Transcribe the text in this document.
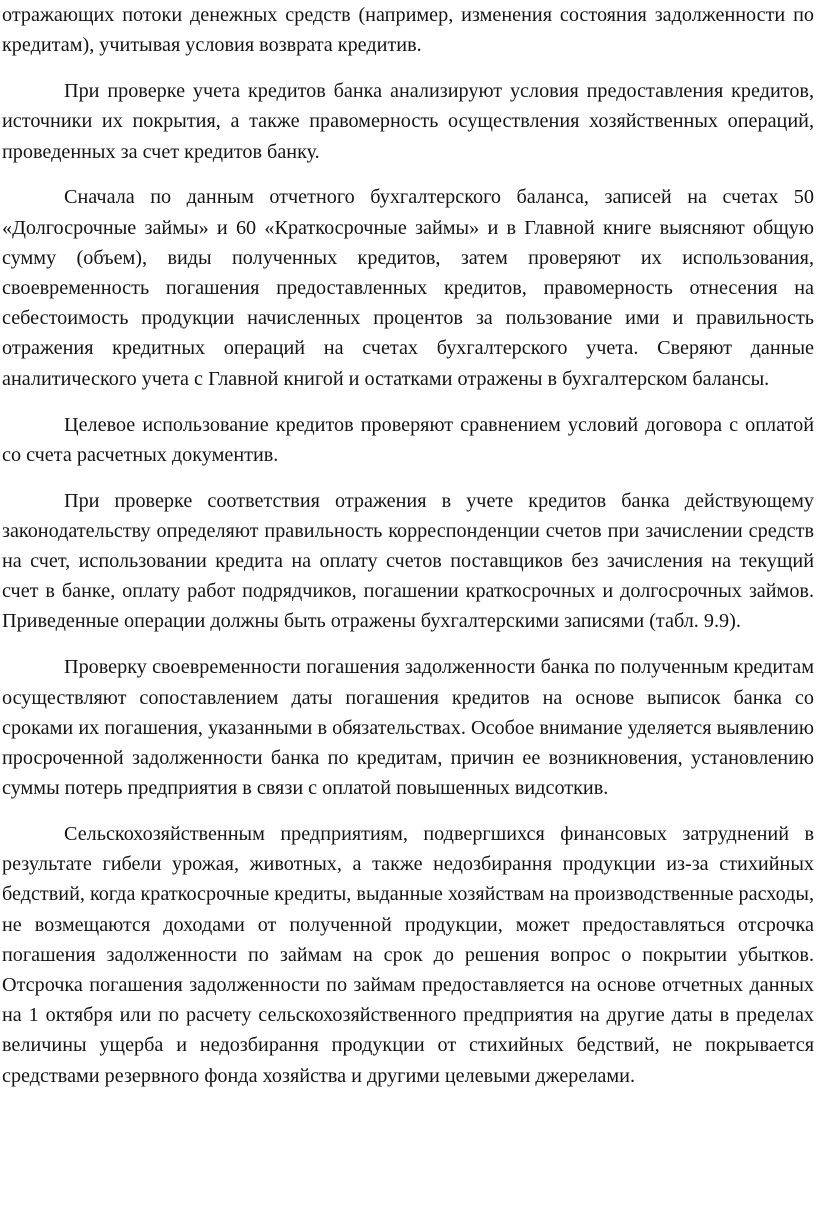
отражающих потоки денежных средств (например, изменения состояния задолженности по кредитам), учитывая условия возврата кредитив.

При проверке учета кредитов банка анализируют условия предоставления кредитов, источники их покрытия, а также правомерность осуществления хозяйственных операций, проведенных за счет кредитов банку.

Сначала по данным отчетного бухгалтерского баланса, записей на счетах 50 «Долгосрочные займы» и 60 «Краткосрочные займы» и в Главной книге выясняют общую сумму (объем), виды полученных кредитов, затем проверяют их использования, своевременность погашения предоставленных кредитов, правомерность отнесения на себестоимость продукции начисленных процентов за пользование ими и правильность отражения кредитных операций на счетах бухгалтерского учета. Сверяют данные аналитического учета с Главной книгой и остатками отражены в бухгалтерском балансы.

Целевое использование кредитов проверяют сравнением условий договора с оплатой со счета расчетных документив.

При проверке соответствия отражения в учете кредитов банка действующему законодательству определяют правильность корреспонденции счетов при зачислении средств на счет, использовании кредита на оплату счетов поставщиков без зачисления на текущий счет в банке, оплату работ подрядчиков, погашении краткосрочных и долгосрочных займов. Приведенные операции должны быть отражены бухгалтерскими записями (табл. 9.9).

Проверку своевременности погашения задолженности банка по полученным кредитам осуществляют сопоставлением даты погашения кредитов на основе выписок банка со сроками их погашения, указанными в обязательствах. Особое внимание уделяется выявлению просроченной задолженности банка по кредитам, причин ее возникновения, установлению суммы потерь предприятия в связи с оплатой повышенных видсоткив.

Сельскохозяйственным предприятиям, подвергшихся финансовых затруднений в результате гибели урожая, животных, а также недозбирання продукции из-за стихийных бедствий, когда краткосрочные кредиты, выданные хозяйствам на производственные расходы, не возмещаются доходами от полученной продукции, может предоставляться отсрочка погашения задолженности по займам на срок до решения вопрос о покрытии убытков. Отсрочка погашения задолженности по займам предоставляется на основе отчетных данных на 1 октября или по расчету сельскохозяйственного предприятия на другие даты в пределах величины ущерба и недозбирання продукции от стихийных бедствий, не покрывается средствами резервного фонда хозяйства и другими целевыми джерелами.
